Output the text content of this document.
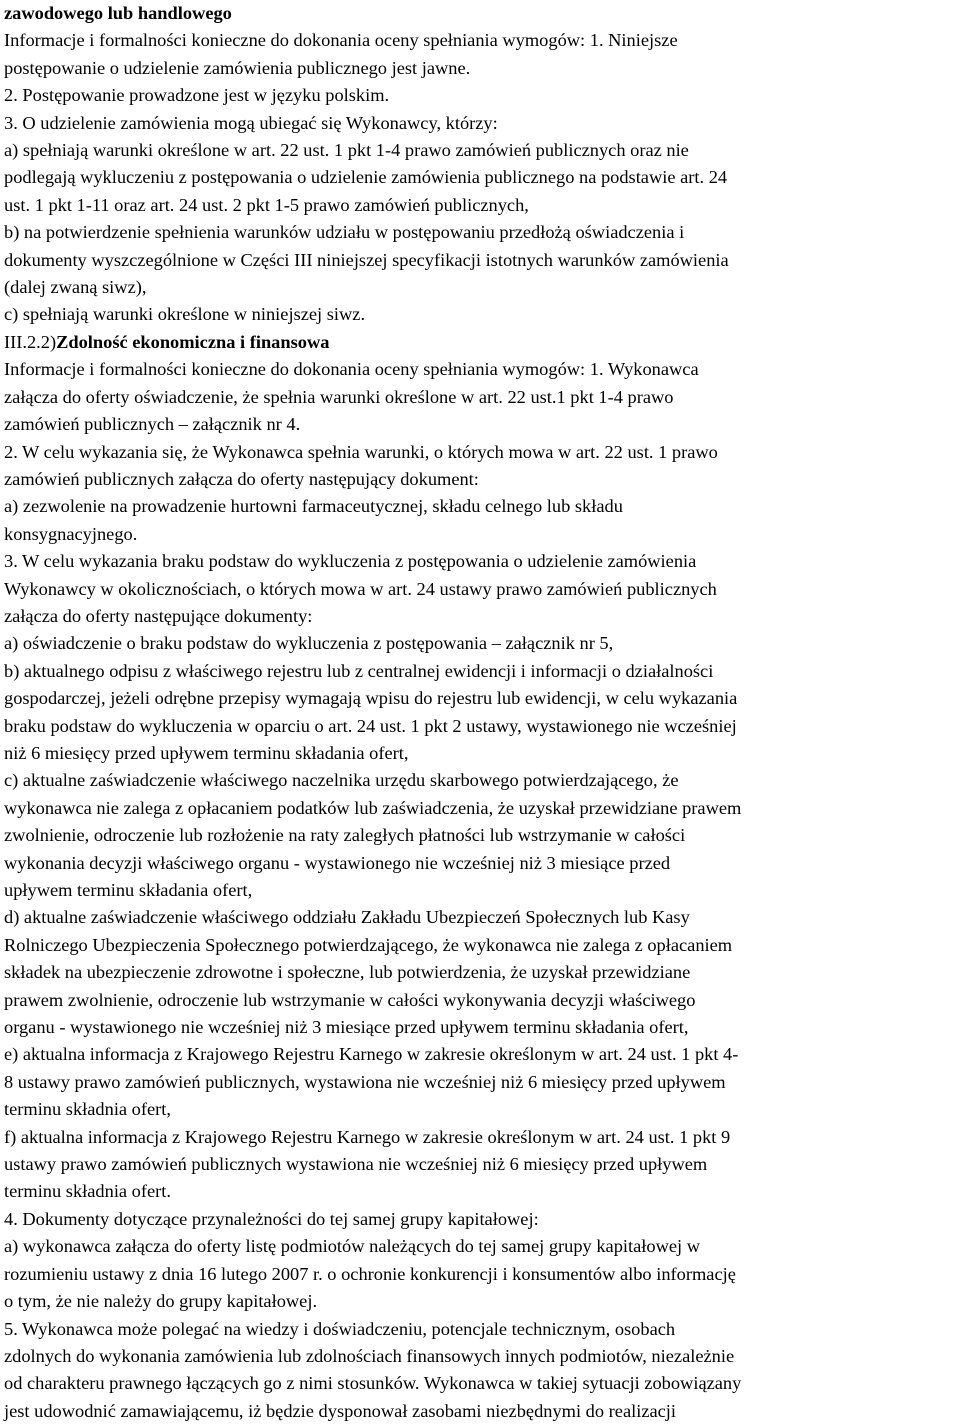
zawodowego lub handlowego
Informacje i formalności konieczne do dokonania oceny spełniania wymogów: 1. Niniejsze
postępowanie o udzielenie zamówienia publicznego jest jawne.
2. Postępowanie prowadzone jest w języku polskim.
3. O udzielenie zamówienia mogą ubiegać się Wykonawcy, którzy:
a) spełniają warunki określone w art. 22 ust. 1 pkt 1-4 prawo zamówień publicznych oraz nie
podlegają wykluczeniu z postępowania o udzielenie zamówienia publicznego na podstawie art. 24
ust. 1 pkt 1-11 oraz art. 24 ust. 2 pkt 1-5 prawo zamówień publicznych,
b) na potwierdzenie spełnienia warunków udziału w postępowaniu przedłożą oświadczenia i
dokumenty wyszczególnione w Części III niniejszej specyfikacji istotnych warunków zamówienia
(dalej zwaną siwz),
c) spełniają warunki określone w niniejszej siwz.
III.2.2)Zdolność ekonomiczna i finansowa
Informacje i formalności konieczne do dokonania oceny spełniania wymogów: 1. Wykonawca
załącza do oferty oświadczenie, że spełnia warunki określone w art. 22 ust.1 pkt 1-4 prawo
zamówień publicznych – załącznik nr 4.
2. W celu wykazania się, że Wykonawca spełnia warunki, o których mowa w art. 22 ust. 1 prawo
zamówień publicznych załącza do oferty następujący dokument:
a) zezwolenie na prowadzenie hurtowni farmaceutycznej, składu celnego lub składu
konsygnacyjnego.
3. W celu wykazania braku podstaw do wykluczenia z postępowania o udzielenie zamówienia
Wykonawcy w okolicznościach, o których mowa w art. 24 ustawy prawo zamówień publicznych
załącza do oferty następujące dokumenty:
a) oświadczenie o braku podstaw do wykluczenia z postępowania – załącznik nr 5,
b) aktualnego odpisu z właściwego rejestru lub z centralnej ewidencji i informacji o działalności
gospodarczej, jeżeli odrębne przepisy wymagają wpisu do rejestru lub ewidencji, w celu wykazania
braku podstaw do wykluczenia w oparciu o art. 24 ust. 1 pkt 2 ustawy, wystawionego nie wcześniej
niż 6 miesięcy przed upływem terminu składania ofert,
c) aktualne zaświadczenie właściwego naczelnika urzędu skarbowego potwierdzającego, że
wykonawca nie zalega z opłacaniem podatków lub zaświadczenia, że uzyskał przewidziane prawem
zwolnienie, odroczenie lub rozłożenie na raty zaległych płatności lub wstrzymanie w całości
wykonania decyzji właściwego organu - wystawionego nie wcześniej niż 3 miesiące przed
upływem terminu składania ofert,
d) aktualne zaświadczenie właściwego oddziału Zakładu Ubezpieczeń Społecznych lub Kasy
Rolniczego Ubezpieczenia Społecznego potwierdzającego, że wykonawca nie zalega z opłacaniem
składek na ubezpieczenie zdrowotne i społeczne, lub potwierdzenia, że uzyskał przewidziane
prawem zwolnienie, odroczenie lub wstrzymanie w całości wykonywania decyzji właściwego
organu - wystawionego nie wcześniej niż 3 miesiące przed upływem terminu składania ofert,
e) aktualna informacja z Krajowego Rejestru Karnego w zakresie określonym w art. 24 ust. 1 pkt 4-
8 ustawy prawo zamówień publicznych, wystawiona nie wcześniej niż 6 miesięcy przed upływem
terminu składnia ofert,
f) aktualna informacja z Krajowego Rejestru Karnego w zakresie określonym w art. 24 ust. 1 pkt 9
ustawy prawo zamówień publicznych wystawiona nie wcześniej niż 6 miesięcy przed upływem
terminu składnia ofert.
4. Dokumenty dotyczące przynależności do tej samej grupy kapitałowej:
a) wykonawca załącza do oferty listę podmiotów należących do tej samej grupy kapitałowej w
rozumieniu ustawy z dnia 16 lutego 2007 r. o ochronie konkurencji i konsumentów albo informację
o tym, że nie należy do grupy kapitałowej.
5. Wykonawca może polegać na wiedzy i doświadczeniu, potencjale technicznym, osobach
zdolnych do wykonania zamówienia lub zdolnościach finansowych innych podmiotów, niezależnie
od charakteru prawnego łączących go z nimi stosunków. Wykonawca w takiej sytuacji zobowiązany
jest udowodnić zamawiającemu, iż będzie dysponował zasobami niezbędnymi do realizacji
